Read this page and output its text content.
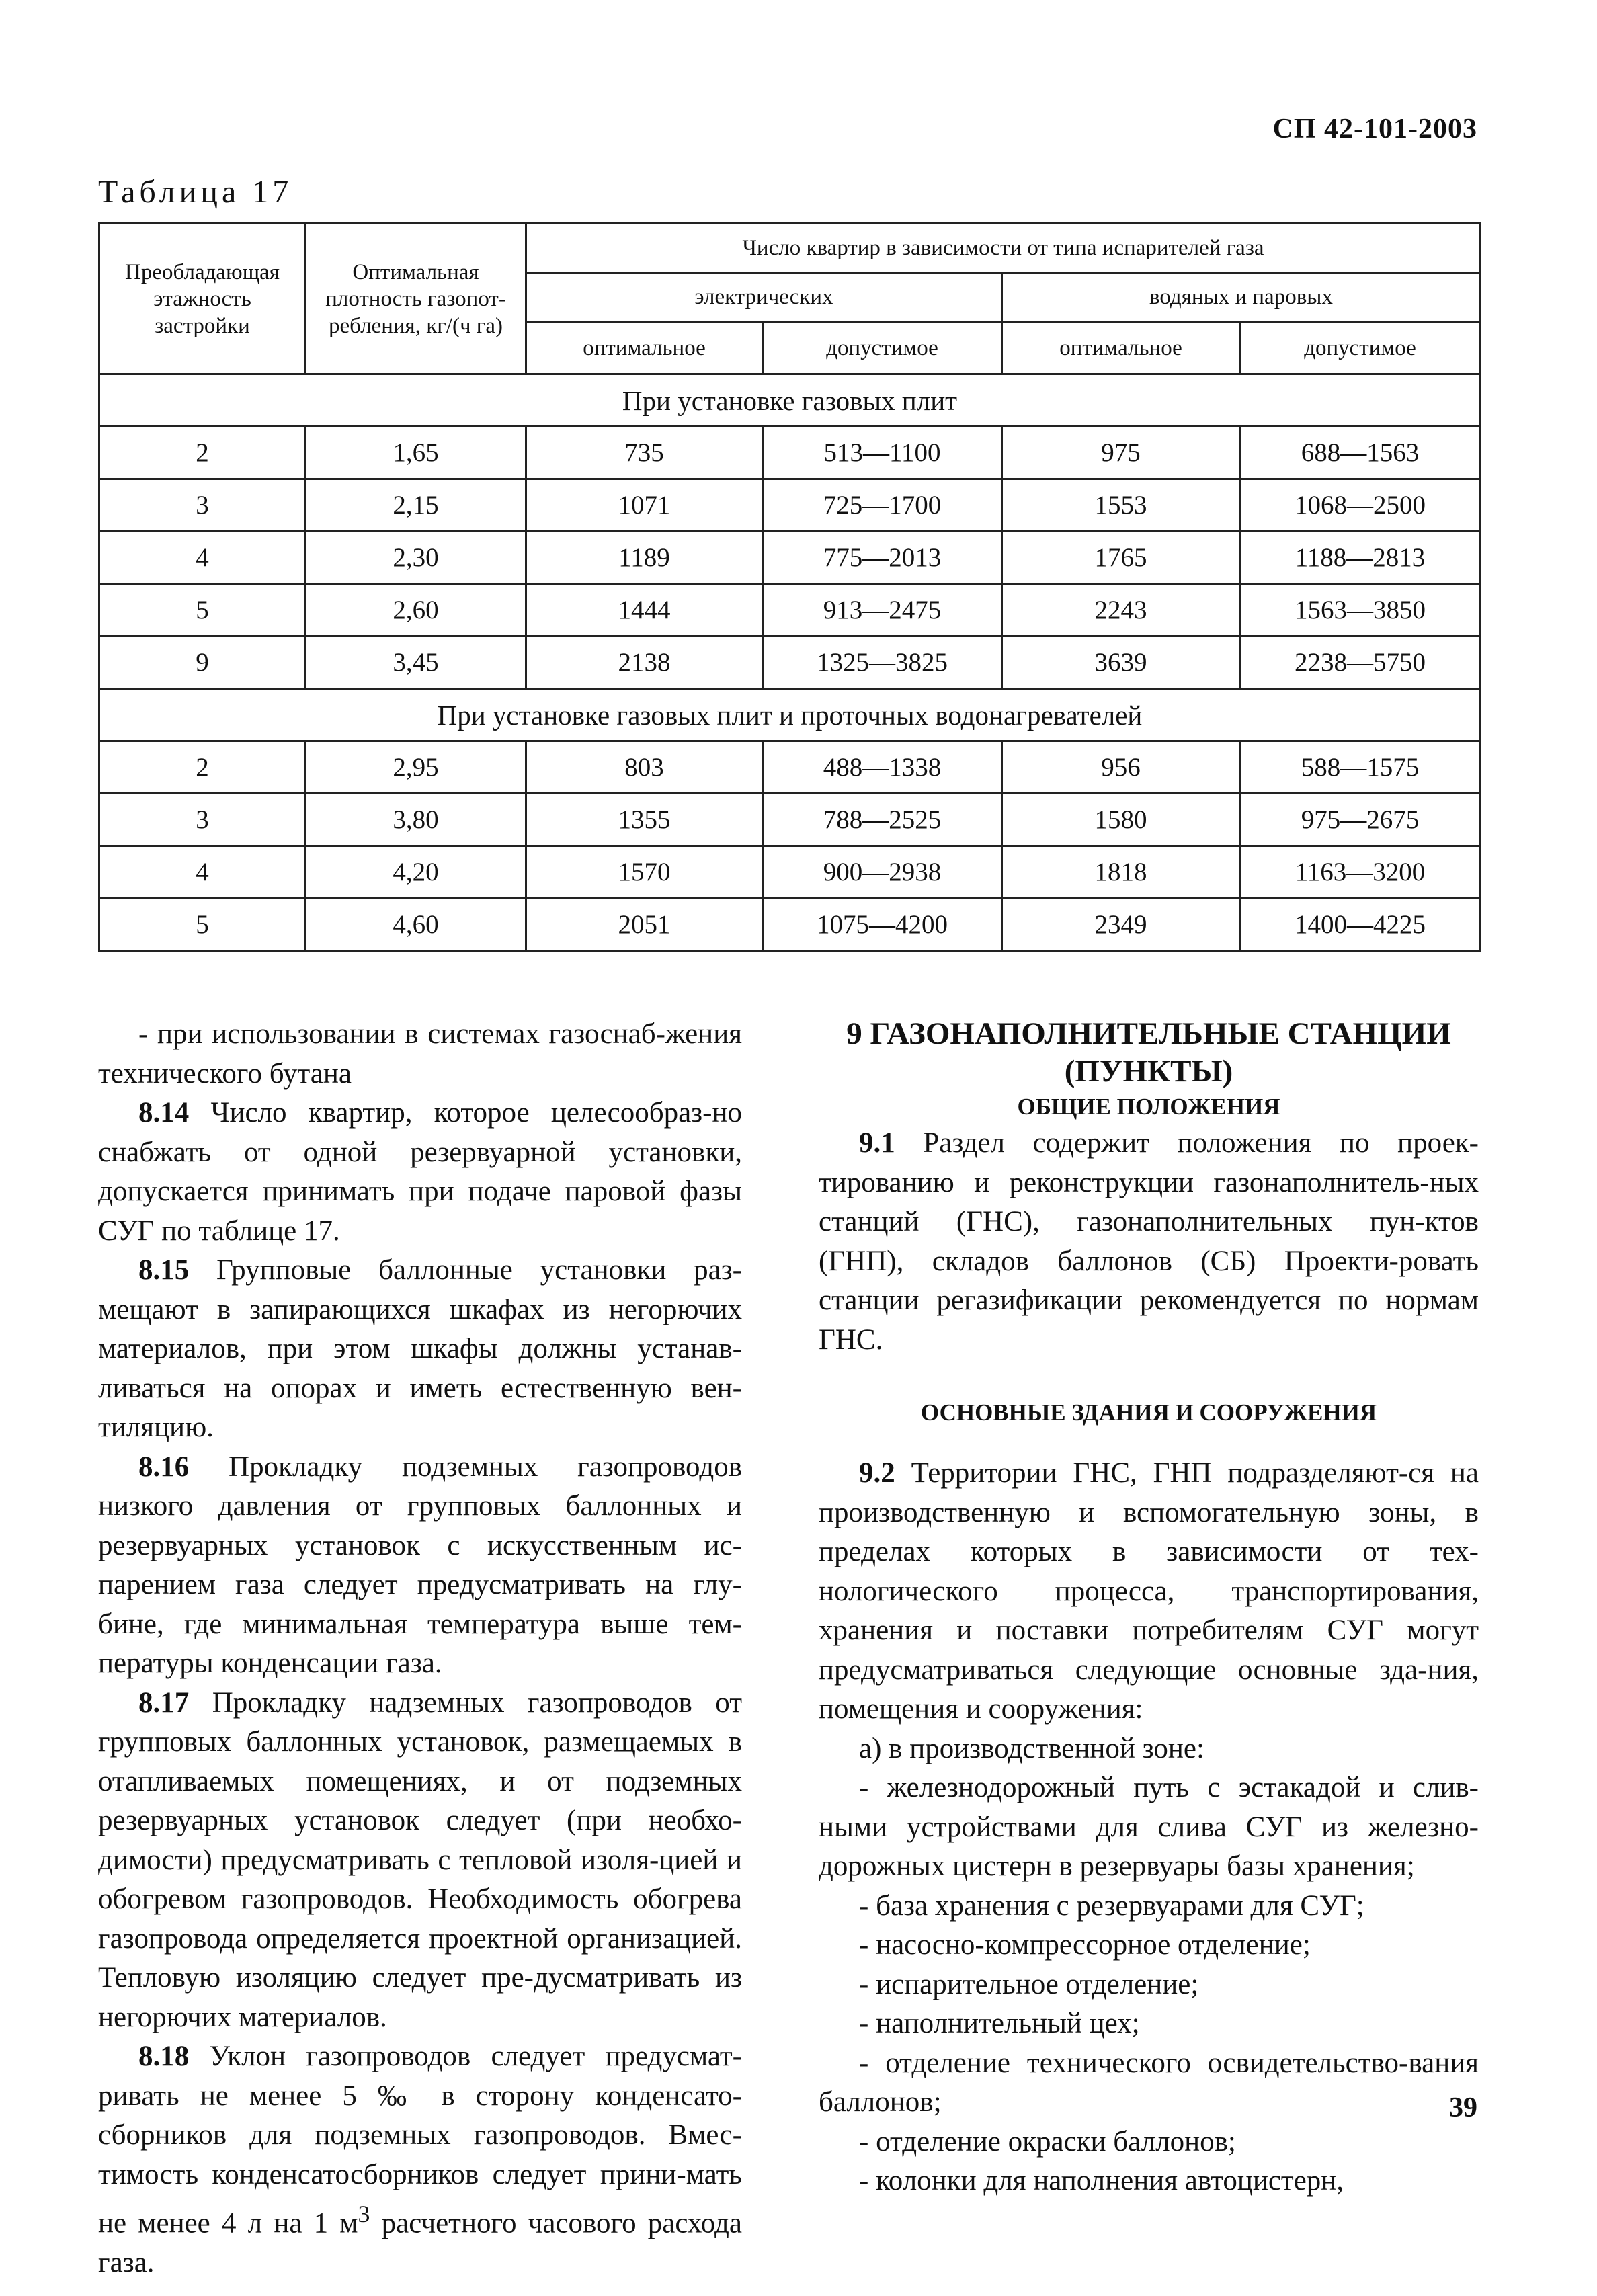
СП 42-101-2003
Таблица 17
Преобладающая этажность застройки	Оптимальная плотность газопот-ребления, кг/(ч га)	Число квартир в зависимости от типа испарителей газа			
		электрических		водяных и паровых	
		оптимальное	допустимое	оптимальное	допустимое
При установке газовых плит					
2	1,65	735	513—1100	975	688—1563
3	2,15	1071	725—1700	1553	1068—2500
4	2,30	1189	775—2013	1765	1188—2813
5	2,60	1444	913—2475	2243	1563—3850
9	3,45	2138	1325—3825	3639	2238—5750
При установке газовых плит и проточных водонагревателей					
2	2,95	803	488—1338	956	588—1575
3	3,80	1355	788—2525	1580	975—2675
4	4,20	1570	900—2938	1818	1163—3200
5	4,60	2051	1075—4200	2349	1400—4225

- при использовании в системах газоснаб-жения технического бутана

8.14 Число квартир, которое целесообраз-но снабжать от одной резервуарной установки, допускается принимать при подаче паровой фазы СУГ по таблице 17.

8.15 Групповые баллонные установки раз-мещают в запирающихся шкафах из негорючих материалов, при этом шкафы должны устанав-ливаться на опорах и иметь естественную вен-тиляцию.

8.16 Прокладку подземных газопроводов низкого давления от групповых баллонных и резервуарных установок с искусственным ис-парением газа следует предусматривать на глу-бине, где минимальная температура выше тем-пературы конденсации газа.

8.17 Прокладку надземных газопроводов от групповых баллонных установок, размещаемых в отапливаемых помещениях, и от подземных резервуарных установок следует (при необхо-димости) предусматривать с тепловой изоля-цией и обогревом газопроводов. Необходимость обогрева газопровода определяется проектной организацией. Тепловую изоляцию следует пре-дусматривать из негорючих материалов.

8.18 Уклон газопроводов следует предусмат-ривать не менее 5 ‰ в сторону конденсато-сборников для подземных газопроводов. Вмес-тимость конденсатосборников следует прини-мать не менее 4 л на 1 $м^3$ расчетного часового расхода газа.

9 ГАЗОНАПОЛНИТЕЛЬНЫЕ СТАНЦИИ (ПУНКТЫ)

ОБЩИЕ ПОЛОЖЕНИЯ

9.1 Раздел содержит положения по проек-тированию и реконструкции газонаполнитель-ных станций (ГНС), газонаполнительных пун-ктов (ГНП), складов баллонов (СБ) Проекти-ровать станции регазификации рекомендуется по нормам ГНС.

ОСНОВНЫЕ ЗДАНИЯ И СООРУЖЕНИЯ

9.2 Территории ГНС, ГНП подразделяют-ся на производственную и вспомогательную зоны, в пределах которых в зависимости от тех-нологического процесса, транспортирования, хранения и поставки потребителям СУГ могут предусматриваться следующие основные зда-ния, помещения и сооружения:

а) в производственной зоне:

- железнодорожный путь с эстакадой и слив-ными устройствами для слива СУГ из железно-дорожных цистерн в резервуары базы хранения;

- база хранения с резервуарами для СУГ;

- насосно-компрессорное отделение;

- испарительное отделение;

- наполнительный цех;

- отделение технического освидетельство-вания баллонов;

- отделение окраски баллонов;

- колонки для наполнения автоцистерн,

39
